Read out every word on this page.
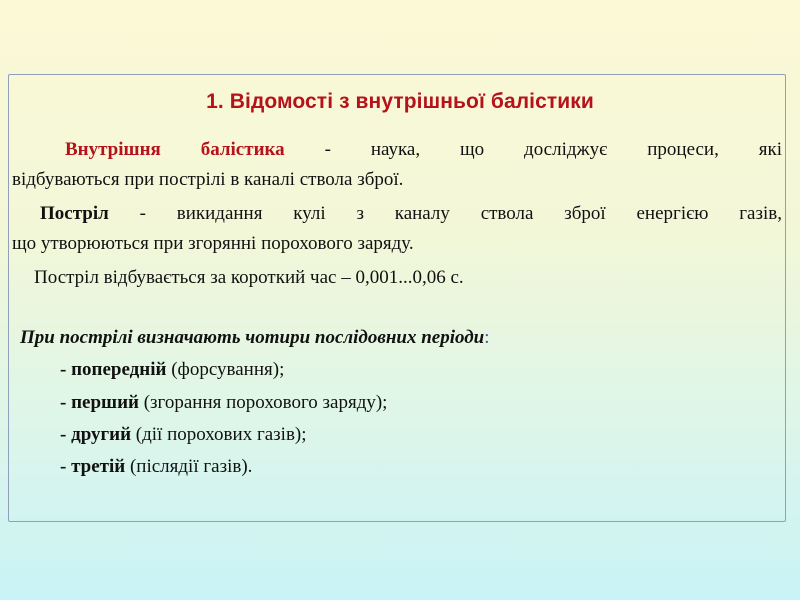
1. Відомості з внутрішньої балістики
Внутрішня балістика - наука, що досліджує процеси, які
відбуваються при пострілі в каналі ствола зброї.
Постріл - викидання кулі з каналу ствола зброї енергією газів,
що утворюються при згорянні порохового заряду.
Постріл відбувається за короткий час – 0,001...0,06 с.
При пострілі визначають чотири послідовних періоди:
- попередній (форсування);
- перший (згорання порохового заряду);
- другий (дії порохових газів);
- третій (післядії газів).
